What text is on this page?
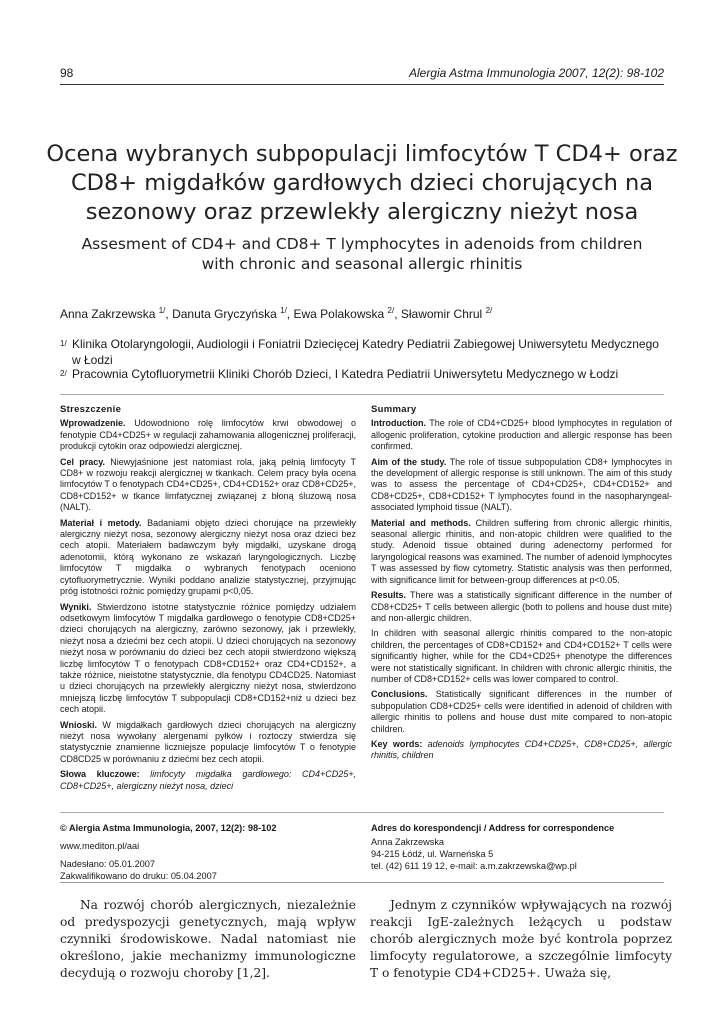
98	Alergia Astma Immunologia 2007, 12(2): 98-102
Ocena wybranych subpopulacji limfocytów T CD4+ oraz
CD8+ migdałków gardłowych dzieci chorujących na
sezonowy oraz przewlekły alergiczny nieżyt nosa
Assesment of CD4+ and CD8+ T lymphocytes in adenoids from children
with chronic and seasonal allergic rhinitis
Anna Zakrzewska $^{1/}$, Danuta Gryczyńska $^{1/}$, Ewa Polakowska $^{2/}$, Sławomir Chrul $^{2/}$
1/ Klinika Otolaryngologii, Audiologii i Foniatrii Dziecięcej Katedry Pediatrii Zabiegowej Uniwersytetu Medycznego w Łodzi
2/ Pracownia Cytofluorymetrii Kliniki Chorób Dzieci, I Katedra Pediatrii Uniwersytetu Medycznego w Łodzi
Streszczenie

Wprowadzenie. Udowodniono rolę limfocytów krwi obwodowej o fenotypie CD4+CD25+ w regulacji zahamowania allogenicznej proliferacji, produkcji cytokin oraz odpowiedzi alergicznej.

Cel pracy. Niewyjaśnione jest natomiast rola, jaką pełnią limfocyty T CD8+ w rozwoju reakcji alergicznej w tkankach. Celem pracy była ocena limfocytów T o fenotypach CD4+CD25+, CD4+CD152+ oraz CD8+CD25+, CD8+CD152+ w tkance limfatycznej związanej z błoną śluzową nosa (NALT).

Materiał i metody. Badaniami objęto dzieci chorujące na przewlekły alergiczny nieżyt nosa, sezonowy alergiczny nieżyt nosa oraz dzieci bez cech atopii. Materiałem badawczym były migdałki, uzyskane drogą adenotomii, którą wykonano ze wskazań laryngologicznych. Liczbę limfocytów T migdałka o wybranych fenotypach oceniono cytofluorymetrycznie. Wyniki poddano analizie statystycznej, przyjmując próg istotności rożnic pomiędzy grupami p<0,05.

Wyniki. Stwierdzono istotne statystycznie różnice pomiędzy udziałem odsetkowym limfocytów T migdałka gardłowego o fenotypie CD8+CD25+ dzieci chorujących na alergiczny, zarówno sezonowy, jak i przewlekły, nieżyt nosa a dziećmi bez cech atopii. U dzieci chorujących na sezonowy nieżyt nosa w porównaniu do dzieci bez cech atopii stwierdzono większą liczbę limfocytów T o fenotypach CD8+CD152+ oraz CD4+CD152+, a także różnice, nieistotne statystycznie, dla fenotypu CD4CD25. Natomiast u dzieci chorujących na przewlekły alergiczny nieżyt nosa, stwierdzono mniejszą liczbę limfocytów T subpopulacji CD8+CD152+niż u dzieci bez cech atopii.

Wnioski. W migdałkach gardłowych dzieci chorujących na alergiczny nieżyt nosa wywołany alergenami pyłków i roztoczy stwierdza się statystycznie znamienne liczniejsze populacje limfocytów T o fenotypie CD8CD25 w porównaniu z dziećmi bez cech atopii.

Słowa kluczowe: limfocyty migdałka gardłowego: CD4+CD25+, CD8+CD25+, alergiczny nieżyt nosa, dzieci

Summary

Introduction. The role of CD4+CD25+ blood lymphocytes in regulation of allogenic proliferation, cytokine production and allergic response has been confirmed.

Aim of the study. The role of tissue subpopulation CD8+ lymphocytes in the development of allergic response is still unknown. The aim of this study was to assess the percentage of CD4+CD25+, CD4+CD152+ and CD8+CD25+, CD8+CD152+ T lymphocytes found in the nasopharyngeal-associated lymphoid tissue (NALT).

Material and methods. Children suffering from chronic allergic rhinitis, seasonal allergic rhinitis, and non-atopic children were qualified to the study. Adenoid tissue obtained during adenectomy performed for laryngological reasons was examined. The number of adenoid lymphocytes T was assessed by flow cytometry. Statistic analysis was then performed, with significance limit for between-group differences at p<0.05.

Results. There was a statistically significant difference in the number of CD8+CD25+ T cells between allergic (both to pollens and house dust mite) and non-allergic children.

In children with seasonal allergic rhinitis compared to the non-atopic children, the percentages of CD8+CD152+ and CD4+CD152+ T cells were significantly higher, while for the CD4+CD25+ phenotype the differences were not statistically significant. In children with chronic allergic rhinitis, the number of CD8+CD152+ cells was lower compared to control.

Conclusions. Statistically significant differences in the number of subpopulation CD8+CD25+ cells were identified in adenoid of children with allergic rhinitis to pollens and house dust mite compared to non-atopic children.

Key words: adenoids lymphocytes CD4+CD25+, CD8+CD25+, allergic rhinitis, children

© Alergia Astma Immunologia, 2007, 12(2): 98-102
www.mediton.pl/aai
Nadesłano: 05.01.2007
Zakwalifikowano do druku: 05.04.2007
Adres do korespondencji / Address for correspondence
Anna Zakrzewska
94-215 Łódź, ul. Warneńska 5
tel. (42) 611 19 12, e-mail: a.m.zakrzewska@wp.pl
Na rozwój chorób alergicznych, niezależnie od predyspozycji genetycznych, mają wpływ czynniki środowiskowe. Nadal natomiast nie określono, jakie mechanizmy immunologiczne decydują o rozwoju choroby [1,2].
Jednym z czynników wpływających na rozwój reakcji IgE-zależnych leżących u podstaw chorób alergicznych może być kontrola poprzez limfocyty regulatorowe, a szczególnie limfocyty T o fenotypie CD4+CD25+. Uważa się,
